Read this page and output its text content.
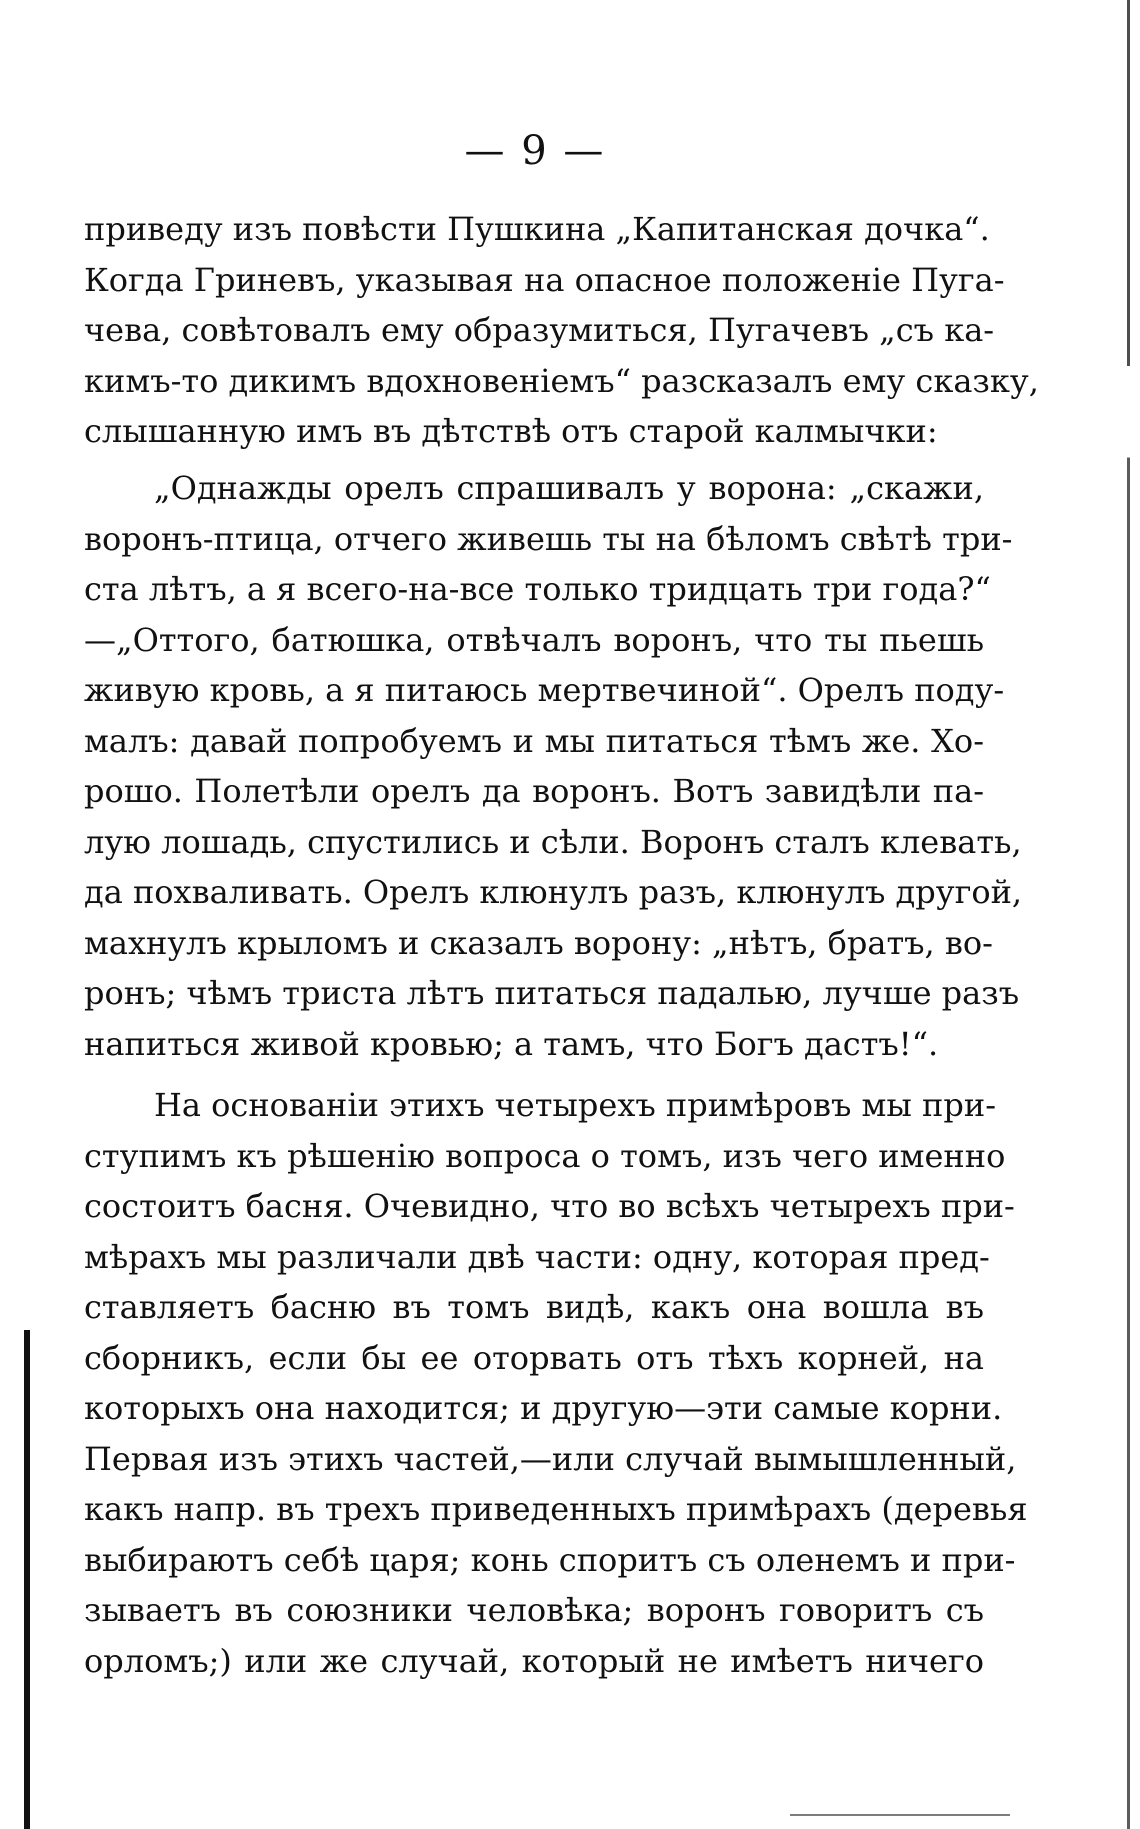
— 9 —
приведу изъ повѣсти Пушкина „Капитанская дочка“.
Когда Гриневъ, указывая на опасное положеніе Пуга-
чева, совѣтовалъ ему образумиться, Пугачевъ „съ ка-
кимъ-то дикимъ вдохновеніемъ“ разсказалъ ему сказку,
слышанную имъ въ дѣтствѣ отъ старой калмычки:
„Однажды орелъ спрашивалъ у ворона: „скажи,
воронъ-птица, отчего живешь ты на бѣломъ свѣтѣ три-
ста лѣтъ, а я всего-на-все только тридцать три года?“
—„Оттого, батюшка, отвѣчалъ воронъ, что ты пьешь
живую кровь, а я питаюсь мертвечиной“. Орелъ поду-
малъ: давай попробуемъ и мы питаться тѣмъ же. Хо-
рошо. Полетѣли орелъ да воронъ. Вотъ завидѣли па-
лую лошадь, спустились и сѣли. Воронъ сталъ клевать,
да похваливать. Орелъ клюнулъ разъ, клюнулъ другой,
махнулъ крыломъ и сказалъ ворону: „нѣтъ, братъ, во-
ронъ; чѣмъ триста лѣтъ питаться падалью, лучше разъ
напиться живой кровью; а тамъ, что Богъ дастъ!“.
На основаніи этихъ четырехъ примѣровъ мы при-
ступимъ къ рѣшенію вопроса о томъ, изъ чего именно
состоитъ басня. Очевидно, что во всѣхъ четырехъ при-
мѣрахъ мы различали двѣ части: одну, которая пред-
ставляетъ басню въ томъ видѣ, какъ она вошла въ
сборникъ, если бы ее оторвать отъ тѣхъ корней, на
которыхъ она находится; и другую—эти самые корни.
Первая изъ этихъ частей,—или случай вымышленный,
какъ напр. въ трехъ приведенныхъ примѣрахъ (деревья
выбираютъ себѣ царя; конь споритъ съ оленемъ и при-
зываетъ въ союзники человѣка; воронъ говоритъ съ
орломъ;) или же случай, который не имѣетъ ничего
